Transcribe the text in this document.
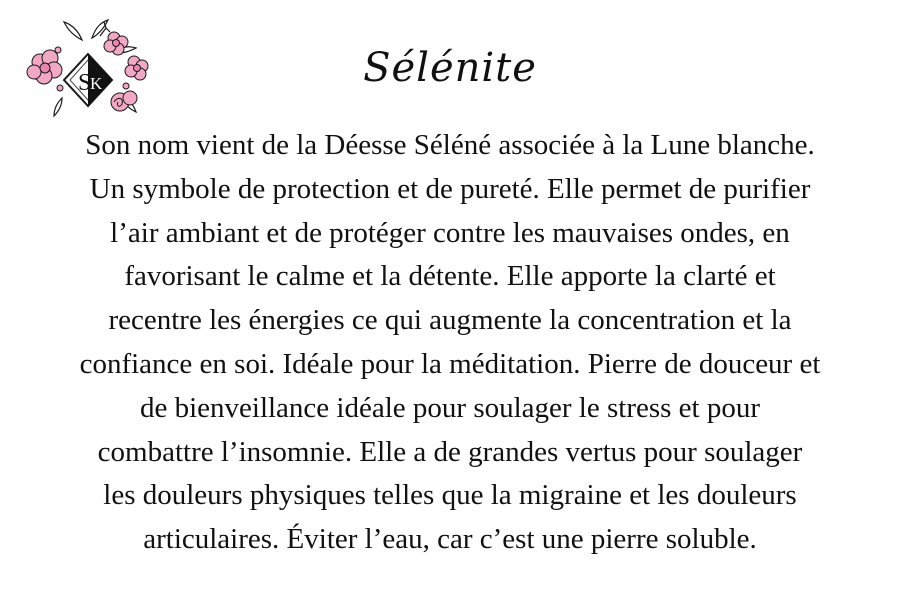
S
K	Sélénite
Son nom vient de la Déesse Séléné associée à la Lune blanche.
Un symbole de protection et de pureté. Elle permet de purifier
l’air ambiant et de protéger contre les mauvaises ondes, en
favorisant le calme et la détente. Elle apporte la clarté et
recentre les énergies ce qui augmente la concentration et la
confiance en soi. Idéale pour la méditation. Pierre de douceur et
de bienveillance idéale pour soulager le stress et pour
combattre l’insomnie. Elle a de grandes vertus pour soulager
les douleurs physiques telles que la migraine et les douleurs
articulaires. Éviter l’eau, car c’est une pierre soluble.
